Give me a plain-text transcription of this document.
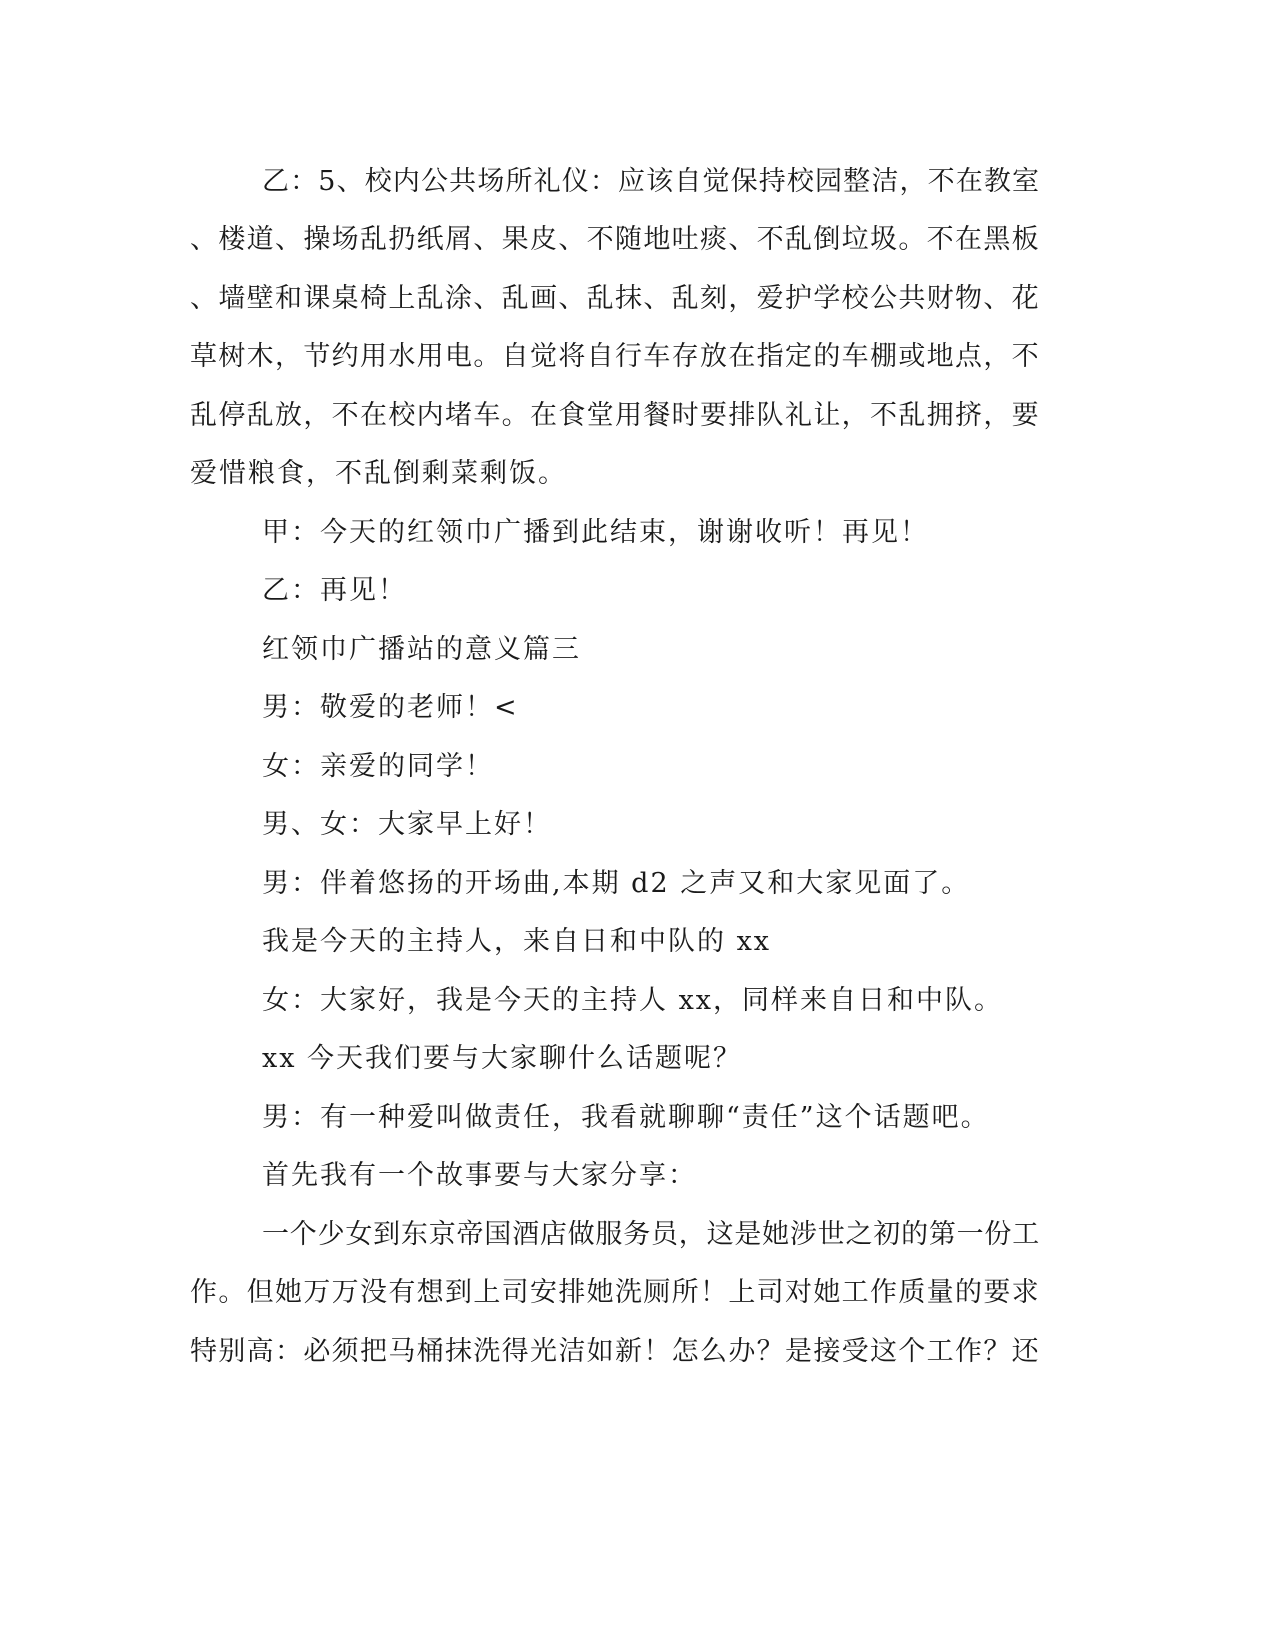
乙：5、校内公共场所礼仪：应该自觉保持校园整洁，不在教室
、楼道、操场乱扔纸屑、果皮、不随地吐痰、不乱倒垃圾。不在黑板
、墙壁和课桌椅上乱涂、乱画、乱抹、乱刻，爱护学校公共财物、花
草树木，节约用水用电。自觉将自行车存放在指定的车棚或地点，不
乱停乱放，不在校内堵车。在食堂用餐时要排队礼让，不乱拥挤，要
爱惜粮食，不乱倒剩菜剩饭。
甲：今天的红领巾广播到此结束，谢谢收听！再见！
乙：再见！
红领巾广播站的意义篇三
男：敬爱的老师！<
女：亲爱的同学！
男、女：大家早上好！
男：伴着悠扬的开场曲,本期 d2 之声又和大家见面了。
我是今天的主持人，来自日和中队的 xx
女：大家好，我是今天的主持人 xx，同样来自日和中队。
xx 今天我们要与大家聊什么话题呢？
男：有一种爱叫做责任，我看就聊聊“责任”这个话题吧。
首先我有一个故事要与大家分享：
一个少女到东京帝国酒店做服务员，这是她涉世之初的第一份工
作。但她万万没有想到上司安排她洗厕所！上司对她工作质量的要求
特别高：必须把马桶抹洗得光洁如新！怎么办？是接受这个工作？还
